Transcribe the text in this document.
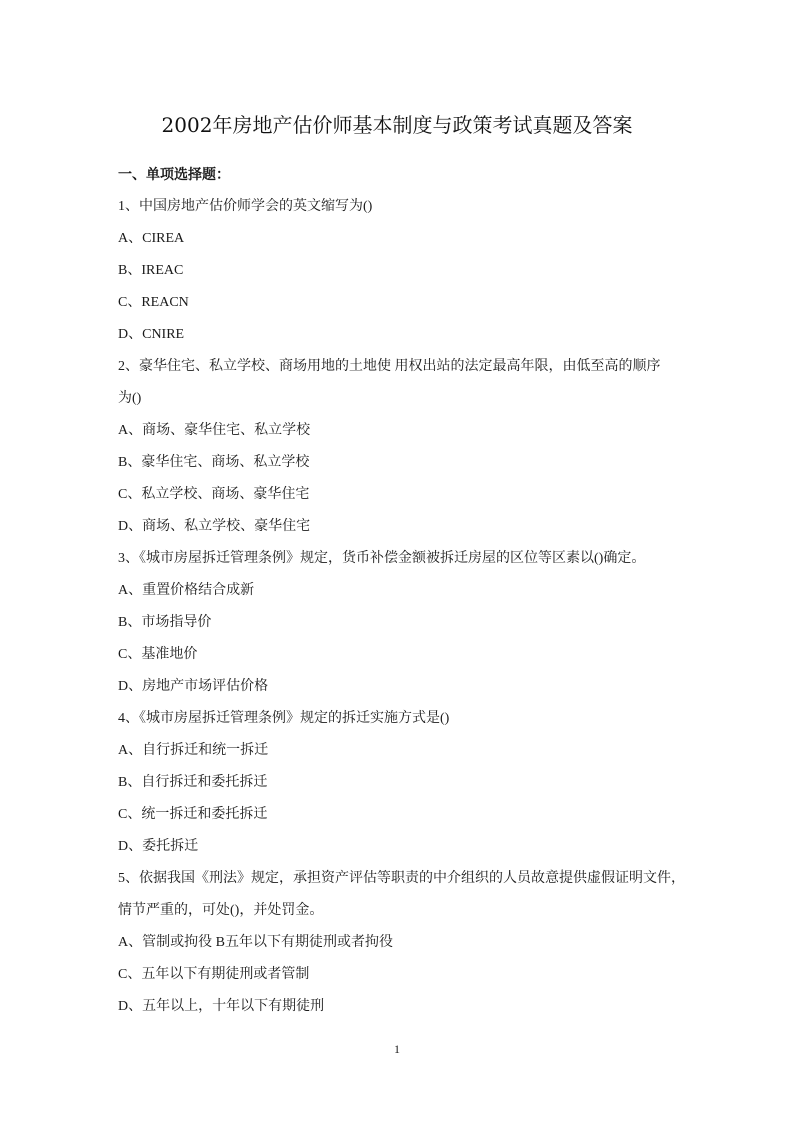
2002年房地产估价师基本制度与政策考试真题及答案
一、单项选择题：
1、中国房地产估价师学会的英文缩写为()
A、CIREA
B、IREAC
C、REACN
D、CNIRE
2、豪华住宅、私立学校、商场用地的土地使 用权出站的法定最高年限，由低至高的顺序
为()
A、商场、豪华住宅、私立学校
B、豪华住宅、商场、私立学校
C、私立学校、商场、豪华住宅
D、商场、私立学校、豪华住宅
3、《城市房屋拆迁管理条例》规定，货币补偿金额被拆迁房屋的区位等区素以()确定。
A、重置价格结合成新
B、市场指导价
C、基准地价
D、房地产市场评估价格
4、《城市房屋拆迁管理条例》规定的拆迁实施方式是()
A、自行拆迁和统一拆迁
B、自行拆迁和委托拆迁
C、统一拆迁和委托拆迁
D、委托拆迁
5、依据我国《刑法》规定，承担资产评估等职责的中介组织的人员故意提供虚假证明文件，
情节严重的，可处()，并处罚金。
A、管制或拘役 B五年以下有期徒刑或者拘役
C、五年以下有期徒刑或者管制
D、五年以上，十年以下有期徒刑
1
